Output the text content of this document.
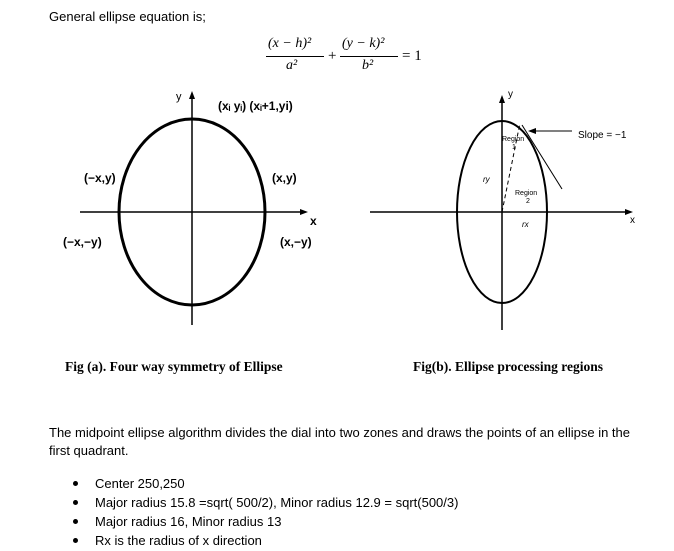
General ellipse equation is;
(x − h)²
a²
+
(y − k)²
b²
= 1
y
x
(xᵢ yᵢ) (xᵢ+1,yi)
(−x,y)	(x,y)
(−x,−y)	(x,−y)
y
x
Slope = −1
Region
1
Region
2
ry
rx
Fig (a). Four way symmetry of Ellipse	Fig(b). Ellipse processing regions
The midpoint ellipse algorithm divides the dial into two zones and draws the points of an ellipse in the first quadrant.
Center 250,250
Major radius 15.8 =sqrt( 500/2), Minor radius 12.9 = sqrt(500/3)
Major radius 16, Minor radius 13
Rx is the radius of x direction
